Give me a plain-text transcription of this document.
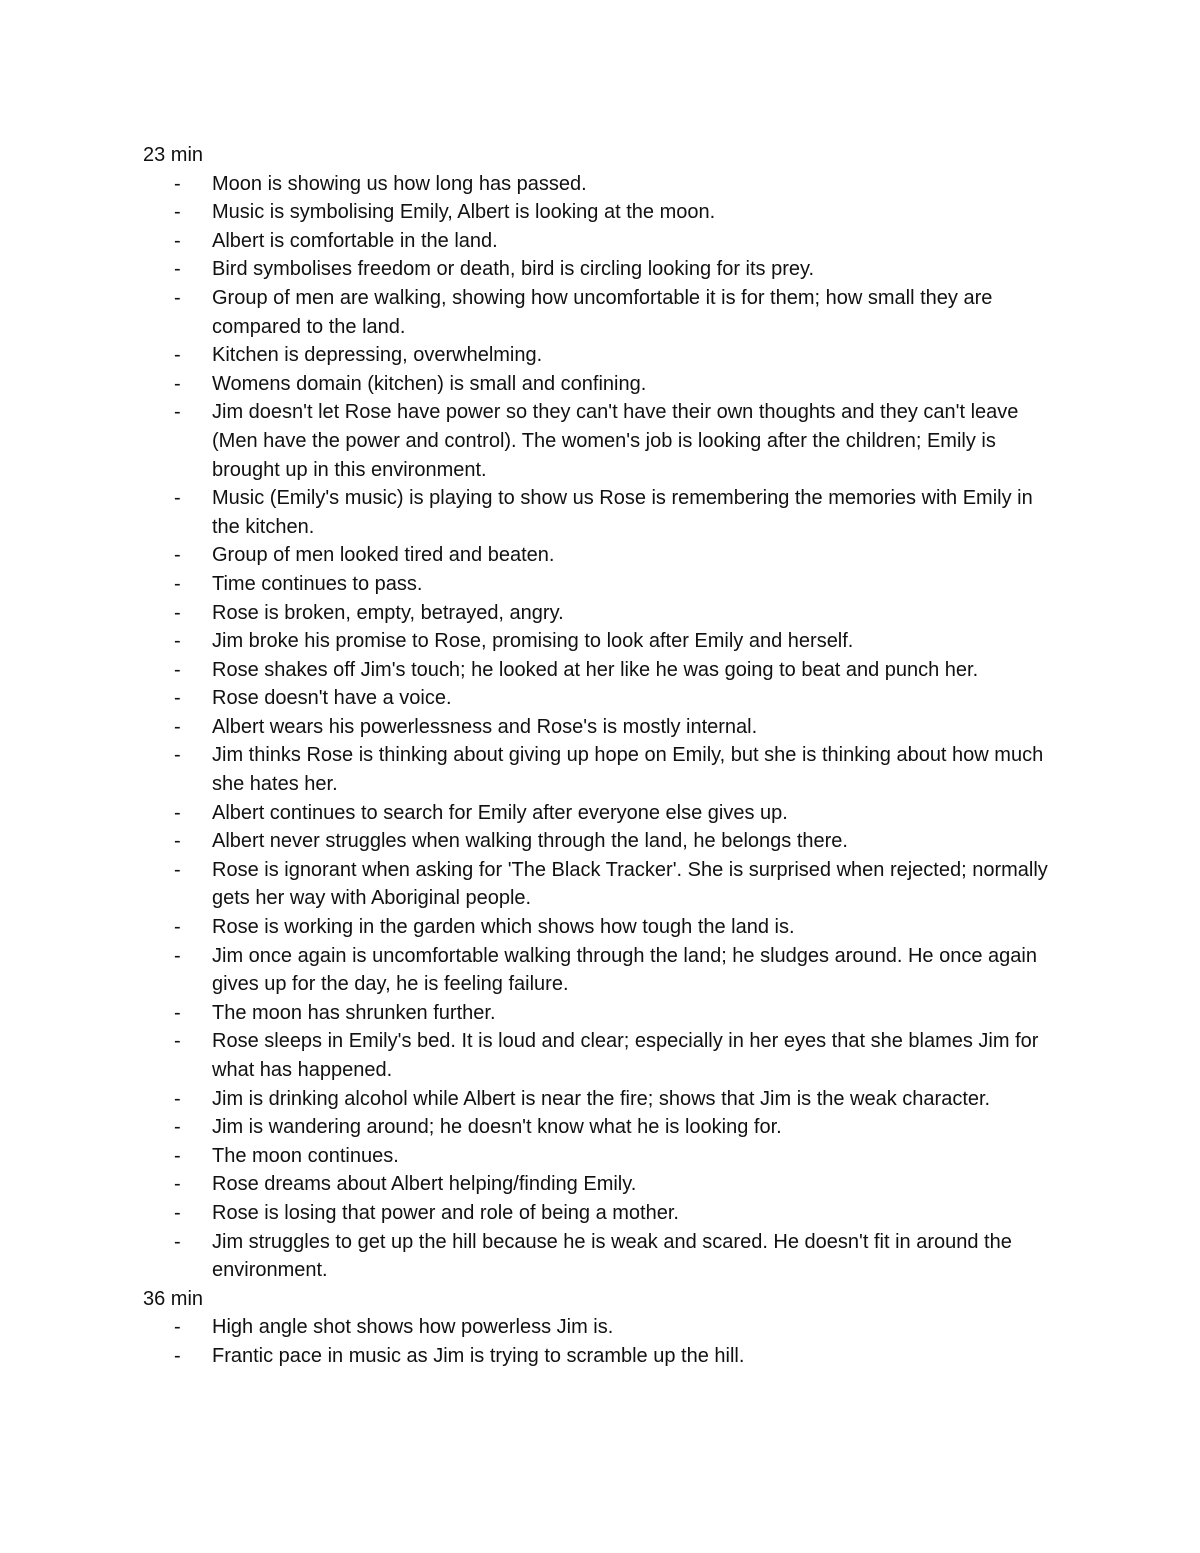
23 min

- Moon is showing us how long has passed.
- Music is symbolising Emily, Albert is looking at the moon.
- Albert is comfortable in the land.
- Bird symbolises freedom or death, bird is circling looking for its prey.
- Group of men are walking, showing how uncomfortable it is for them; how small they are compared to the land.
- Kitchen is depressing, overwhelming.
- Womens domain (kitchen) is small and confining.
- Jim doesn't let Rose have power so they can't have their own thoughts and they can't leave (Men have the power and control). The women's job is looking after the children; Emily is brought up in this environment.
- Music (Emily's music) is playing to show us Rose is remembering the memories with Emily in the kitchen.
- Group of men looked tired and beaten.
- Time continues to pass.
- Rose is broken, empty, betrayed, angry.
- Jim broke his promise to Rose, promising to look after Emily and herself.
- Rose shakes off Jim's touch; he looked at her like he was going to beat and punch her.
- Rose doesn't have a voice.
- Albert wears his powerlessness and Rose's is mostly internal.
- Jim thinks Rose is thinking about giving up hope on Emily, but she is thinking about how much she hates her.
- Albert continues to search for Emily after everyone else gives up.
- Albert never struggles when walking through the land, he belongs there.
- Rose is ignorant when asking for 'The Black Tracker'. She is surprised when rejected; normally gets her way with Aboriginal people.
- Rose is working in the garden which shows how tough the land is.
- Jim once again is uncomfortable walking through the land; he sludges around. He once again gives up for the day, he is feeling failure.
- The moon has shrunken further.
- Rose sleeps in Emily's bed. It is loud and clear; especially in her eyes that she blames Jim for what has happened.
- Jim is drinking alcohol while Albert is near the fire; shows that Jim is the weak character.
- Jim is wandering around; he doesn't know what he is looking for.
- The moon continues.
- Rose dreams about Albert helping/finding Emily.
- Rose is losing that power and role of being a mother.
- Jim struggles to get up the hill because he is weak and scared. He doesn't fit in around the environment.

36 min

- High angle shot shows how powerless Jim is.
- Frantic pace in music as Jim is trying to scramble up the hill.
